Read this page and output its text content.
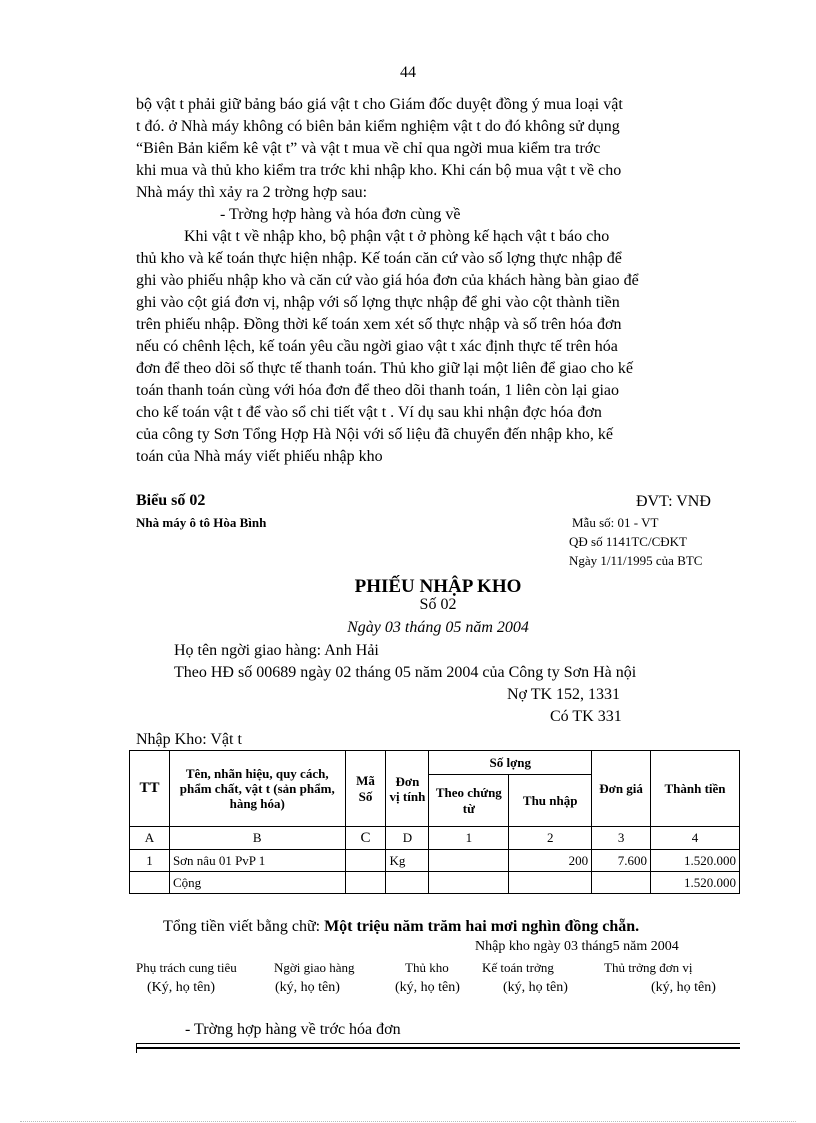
44

bộ vật t phải giữ bảng báo giá vật t cho Giám đốc duyệt đồng ý mua loại vật

t đó. ở Nhà máy không có biên bản kiểm nghiệm vật t do đó không sử dụng

“Biên Bản kiểm kê vật t” và vật t mua về chỉ qua ngời mua kiểm tra trớc

khi mua và thủ kho kiểm tra trớc khi nhập kho. Khi cán bộ mua vật t về cho

Nhà máy thì xảy ra 2 trờng hợp sau:

- Trờng hợp hàng và hóa đơn cùng về

Khi vật t về nhập kho, bộ phận vật t ở phòng kế hạch vật t báo cho

thủ kho và kế toán thực hiện nhập. Kế toán căn cứ vào số lợng thực nhập để

ghi vào phiếu nhập kho và căn cứ vào giá hóa đơn của khách hàng bàn giao để

ghi vào cột giá đơn vị, nhập với số lợng thực nhập để ghi vào cột thành tiền

trên phiếu nhập. Đồng thời kế toán xem xét số thực nhập và số trên hóa đơn

nếu có chênh lệch, kế toán yêu cầu ngời giao vật t xác định thực tế trên hóa

đơn để theo dõi số thực tế thanh toán. Thủ kho giữ lại một liên để giao cho kế

toán thanh toán cùng với hóa đơn để theo dõi thanh toán, 1 liên còn lại giao

cho kế toán vật t để vào sổ chi tiết vật t . Ví dụ sau khi nhận đợc hóa đơn

của công ty Sơn Tổng Hợp Hà Nội với số liệu đã chuyển đến nhập kho, kế

toán của Nhà máy viết phiếu nhập kho

Biểu số 02	ĐVT: VNĐ
Nhà máy ô tô Hòa Bình	Mẫu số: 01 - VT
QĐ số 1141TC/CĐKT
Ngày 1/11/1995 của BTC
PHIẾU NHẬP KHO
Số 02
Ngày 03 tháng 05 năm 2004
Họ tên ngời giao hàng: Anh Hải
Theo HĐ số 00689 ngày 02 tháng 05 năm 2004 của Công ty Sơn Hà nội
Nợ TK 152, 1331
Có TK 331
Nhập Kho: Vật t
TT	Tên, nhãn hiệu, quy cách, phẩm chất, vật t (sản phẩm, hàng hóa)	Mã Số	Đơn vị tính	Số lợng		Đơn giá	Thành tiền
				Theo chứng từ	Thu nhập		
A	B	C	D	1	2	3	4
1	Sơn nâu 01 PvP 1		Kg		200	7.600	1.520.000
	Cộng						1.520.000
Tổng tiền viết bằng chữ: Một triệu năm trăm hai mơi nghìn đồng chẵn.
Nhập kho ngày 03 tháng5 năm 2004
Phụ trách cung tiêu	Ngời giao hàng	Thủ kho	Kế toán trởng	Thủ trởng đơn vị
(Ký, họ tên)	(ký, họ tên)	(ký, họ tên)	(ký, họ tên)	(ký, họ tên)
- Trờng hợp hàng về trớc hóa đơn
